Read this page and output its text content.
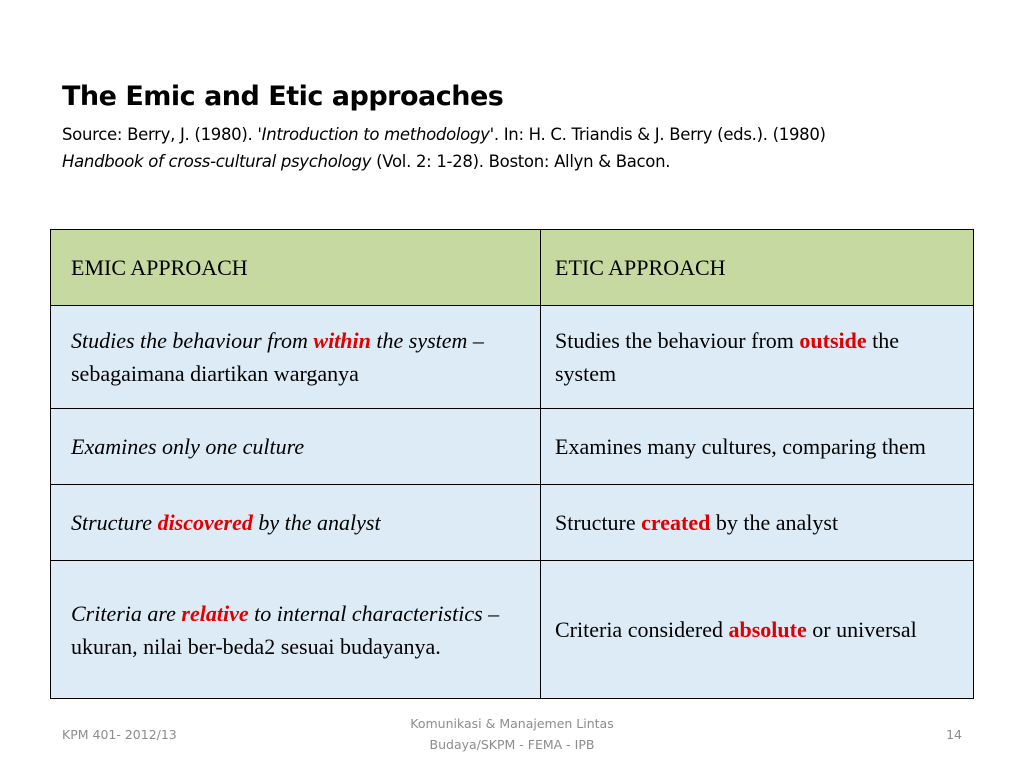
The Emic and Etic approaches
Source: Berry, J. (1980). 'Introduction to methodology'. In: H. C. Triandis & J. Berry (eds.). (1980)
Handbook of cross-cultural psychology (Vol. 2: 1-28). Boston: Allyn & Bacon.
EMIC APPROACH	ETIC APPROACH
Studies the behaviour from within the system – sebagaimana diartikan warganya	Studies the behaviour from outside the system
Examines only one culture	Examines many cultures, comparing them
Structure discovered by the analyst	Structure created by the analyst
Criteria are relative to internal characteristics – ukuran, nilai ber-beda2 sesuai budayanya.	Criteria considered absolute or universal
KPM 401- 2012/13
Komunikasi & Manajemen Lintas
Budaya/SKPM - FEMA - IPB
14
